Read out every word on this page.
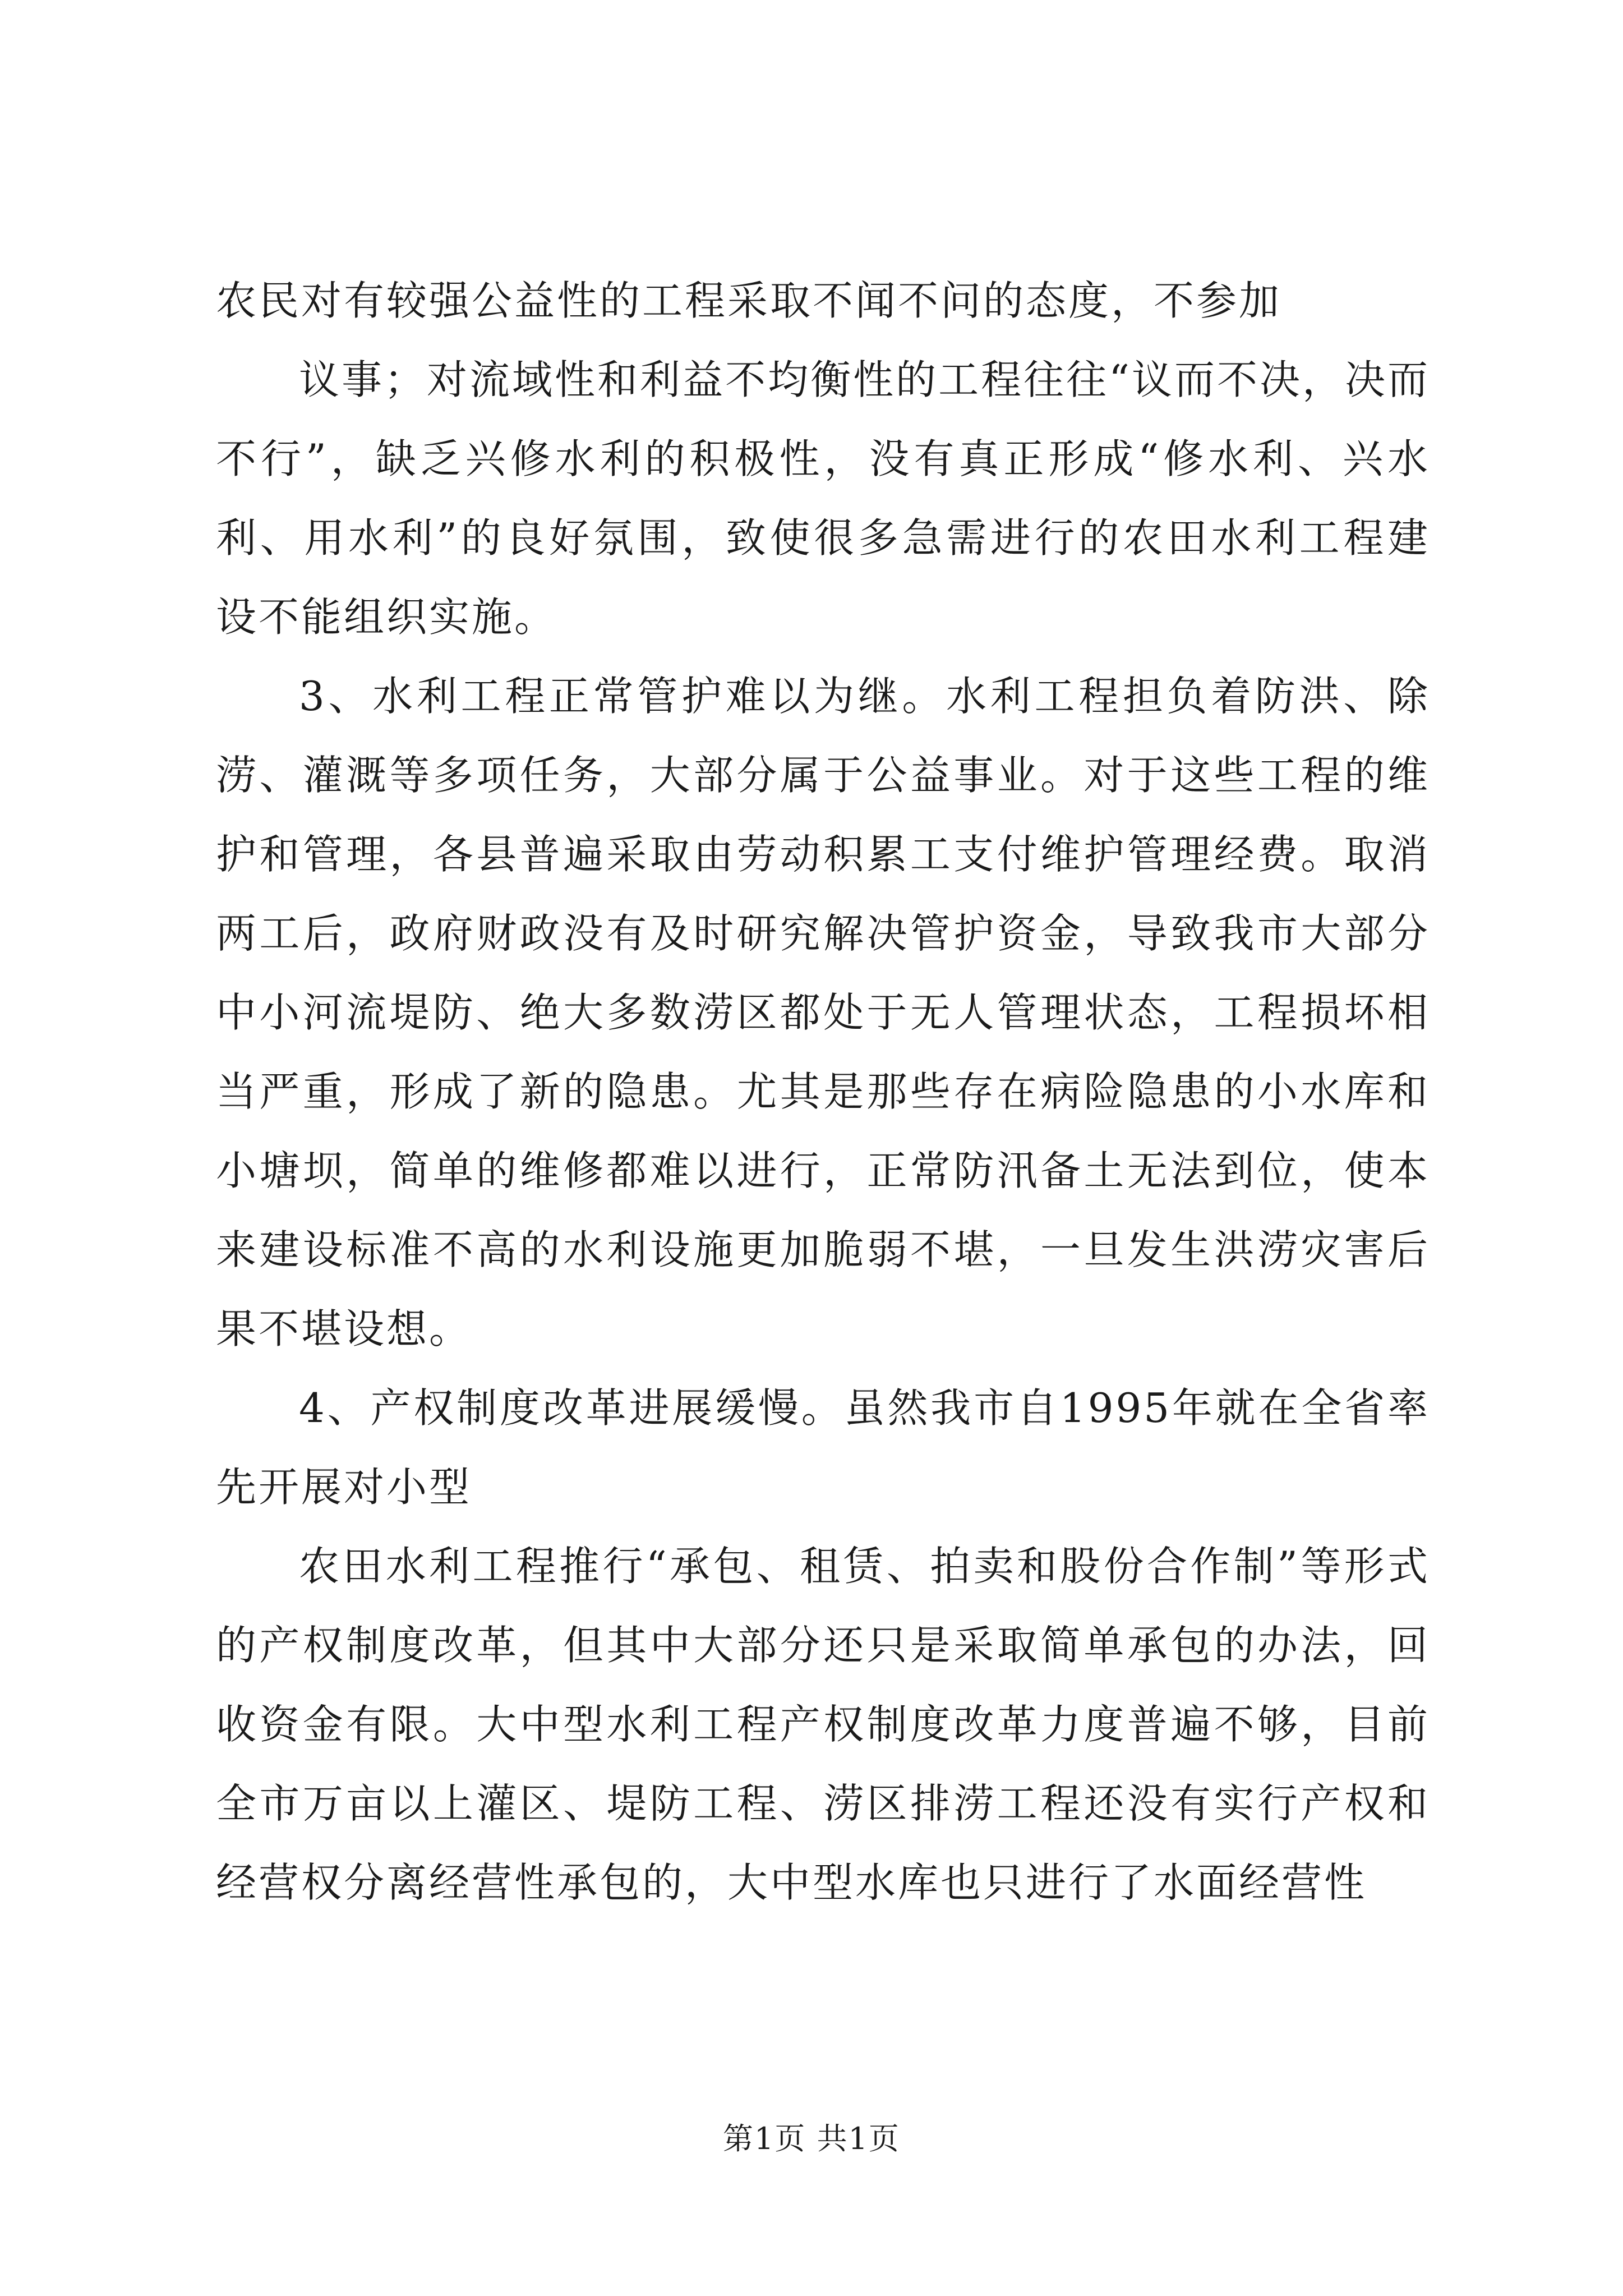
农民对有较强公益性的工程采取不闻不问的态度，不参加

议事；对流域性和利益不均衡性的工程往往“议而不决，决而不行”，缺乏兴修水利的积极性，没有真正形成“修水利、兴水利、用水利”的良好氛围，致使很多急需进行的农田水利工程建设不能组织实施。

3、水利工程正常管护难以为继。水利工程担负着防洪、除涝、灌溉等多项任务，大部分属于公益事业。对于这些工程的维护和管理，各县普遍采取由劳动积累工支付维护管理经费。取消两工后，政府财政没有及时研究解决管护资金，导致我市大部分中小河流堤防、绝大多数涝区都处于无人管理状态，工程损坏相当严重，形成了新的隐患。尤其是那些存在病险隐患的小水库和小塘坝，简单的维修都难以进行，正常防汛备土无法到位，使本来建设标准不高的水利设施更加脆弱不堪，一旦发生洪涝灾害后果不堪设想。

4、产权制度改革进展缓慢。虽然我市自1995年就在全省率先开展对小型

农田水利工程推行“承包、租赁、拍卖和股份合作制”等形式的产权制度改革，但其中大部分还只是采取简单承包的办法，回收资金有限。大中型水利工程产权制度改革力度普遍不够，目前全市万亩以上灌区、堤防工程、涝区排涝工程还没有实行产权和经营权分离经营性承包的，大中型水库也只进行了水面经营性

第1页 共1页
